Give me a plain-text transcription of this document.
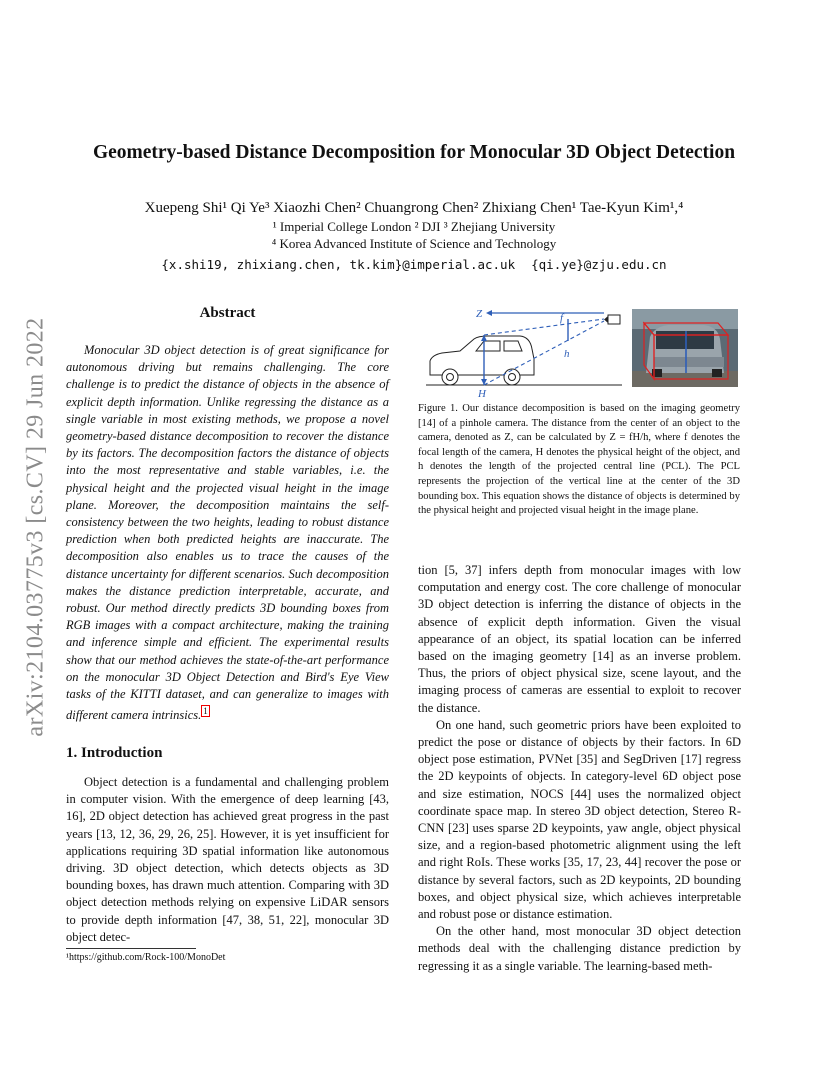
arXiv:2104.03775v3 [cs.CV] 29 Jun 2022
Geometry-based Distance Decomposition for Monocular 3D Object Detection
Xuepeng Shi¹ Qi Ye³ Xiaozhi Chen² Chuangrong Chen² Zhixiang Chen¹ Tae-Kyun Kim¹,⁴
¹ Imperial College London ² DJI ³ Zhejiang University
⁴ Korea Advanced Institute of Science and Technology
{x.shi19, zhixiang.chen, tk.kim}@imperial.ac.uk {qi.ye}@zju.edu.cn
Abstract

Monocular 3D object detection is of great significance for autonomous driving but remains challenging. The core challenge is to predict the distance of objects in the absence of explicit depth information. Unlike regressing the distance as a single variable in most existing methods, we propose a novel geometry-based distance decomposition to recover the distance by its factors. The decomposition factors the distance of objects into the most representative and stable variables, i.e. the physical height and the projected visual height in the image plane. Moreover, the decomposition maintains the self-consistency between the two heights, leading to robust distance prediction when both predicted heights are inaccurate. The decomposition also enables us to trace the causes of the distance uncertainty for different scenarios. Such decomposition makes the distance prediction interpretable, accurate, and robust. Our method directly predicts 3D bounding boxes from RGB images with a compact architecture, making the training and inference simple and efficient. The experimental results show that our method achieves the state-of-the-art performance on the monocular 3D Object Detection and Bird's Eye View tasks of the KITTI dataset, and can generalize to images with different camera intrinsics. $^1$

1. Introduction

Object detection is a fundamental and challenging problem in computer vision. With the emergence of deep learning [43, 16], 2D object detection has achieved great progress in the past years [13, 12, 36, 29, 26, 25]. However, it is yet insufficient for applications requiring 3D spatial information like autonomous driving. 3D object detection, which detects objects as 3D bounding boxes, has drawn much attention. Comparing with 3D object detection methods relying on expensive LiDAR sensors to provide depth information [47, 38, 51, 22], monocular 3D object detec-

¹https://github.com/Rock-100/MonoDet
H
Z	f
h
Figure 1. Our distance decomposition is based on the imaging geometry [14] of a pinhole camera. The distance from the center of an object to the camera, denoted as Z, can be calculated by Z = fH/h, where f denotes the focal length of the camera, H denotes the physical height of the object, and h denotes the length of the projected central line (PCL). The PCL represents the projection of the vertical line at the center of the 3D bounding box. This equation shows the distance of objects is determined by the physical height and projected visual height in the image plane.

tion [5, 37] infers depth from monocular images with low computation and energy cost. The core challenge of monocular 3D object detection is inferring the distance of objects in the absence of explicit depth information. Given the visual appearance of an object, its spatial location can be inferred based on the imaging geometry [14] as an inverse problem. Thus, the priors of object physical size, scene layout, and the imaging process of cameras are essential to exploit to recover the distance.

On one hand, such geometric priors have been exploited to predict the pose or distance of objects by their factors. In 6D object pose estimation, PVNet [35] and SegDriven [17] regress the 2D keypoints of objects. In category-level 6D object pose and size estimation, NOCS [44] uses the normalized object coordinate space map. In stereo 3D object detection, Stereo R-CNN [23] uses sparse 2D keypoints, yaw angle, object physical size, and a region-based photometric alignment using the left and right RoIs. These works [35, 17, 23, 44] recover the pose or distance by several factors, such as 2D keypoints, 2D bounding boxes, and object physical size, which achieves interpretable and robust pose or distance estimation.

On the other hand, most monocular 3D object detection methods deal with the challenging distance prediction by regressing it as a single variable. The learning-based meth-
